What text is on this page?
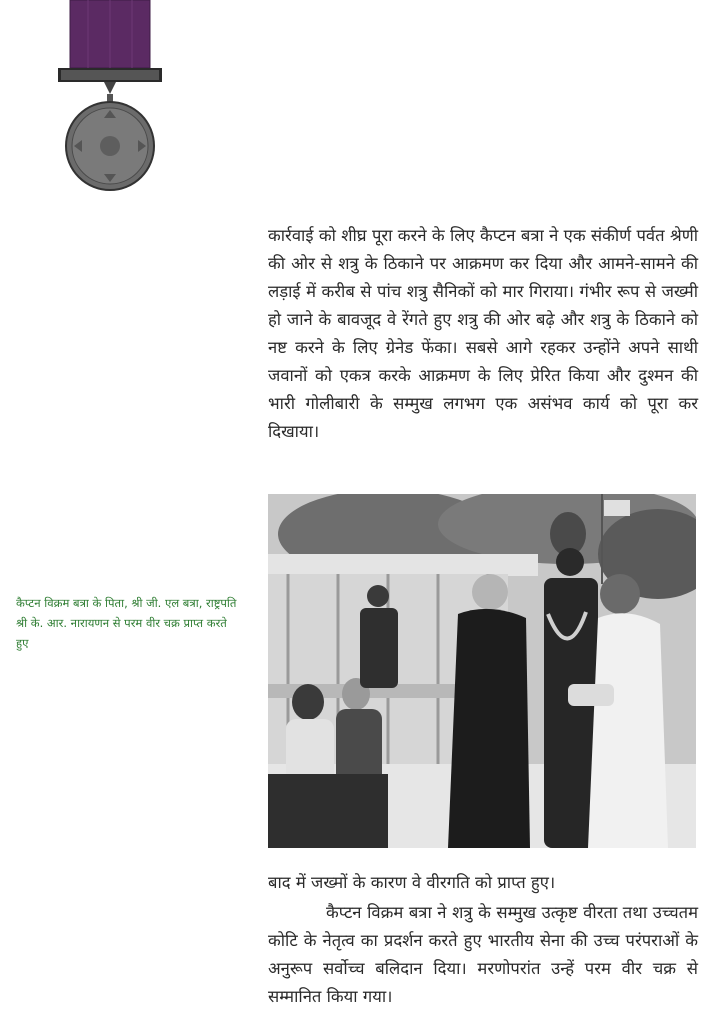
कार्रवाई को शीघ्र पूरा करने के लिए कैप्टन बत्रा ने एक संकीर्ण पर्वत श्रेणी की ओर से शत्रु के ठिकाने पर आक्रमण कर दिया और आमने-सामने की लड़ाई में करीब से पांच शत्रु सैनिकों को मार गिराया। गंभीर रूप से जख्मी हो जाने के बावजूद वे रेंगते हुए शत्रु की ओर बढ़े और शत्रु के ठिकाने को नष्ट करने के लिए ग्रेनेड फेंका। सबसे आगे रहकर उन्होंने अपने साथी जवानों को एकत्र करके आक्रमण के लिए प्रेरित किया और दुश्मन की भारी गोलीबारी के सम्मुख लगभग एक असंभव कार्य को पूरा कर दिखाया।

कैप्टन विक्रम बत्रा के पिता, श्री जी. एल बत्रा, राष्ट्रपति श्री के. आर. नारायणन से परम वीर चक्र प्राप्त करते हुए

बाद में जख्मों के कारण वे वीरगति को प्राप्त हुए।

कैप्टन विक्रम बत्रा ने शत्रु के सम्मुख उत्कृष्ट वीरता तथा उच्चतम कोटि के नेतृत्व का प्रदर्शन करते हुए भारतीय सेना की उच्च परंपराओं के अनुरूप सर्वोच्च बलिदान दिया। मरणोपरांत उन्हें परम वीर चक्र से सम्मानित किया गया।
